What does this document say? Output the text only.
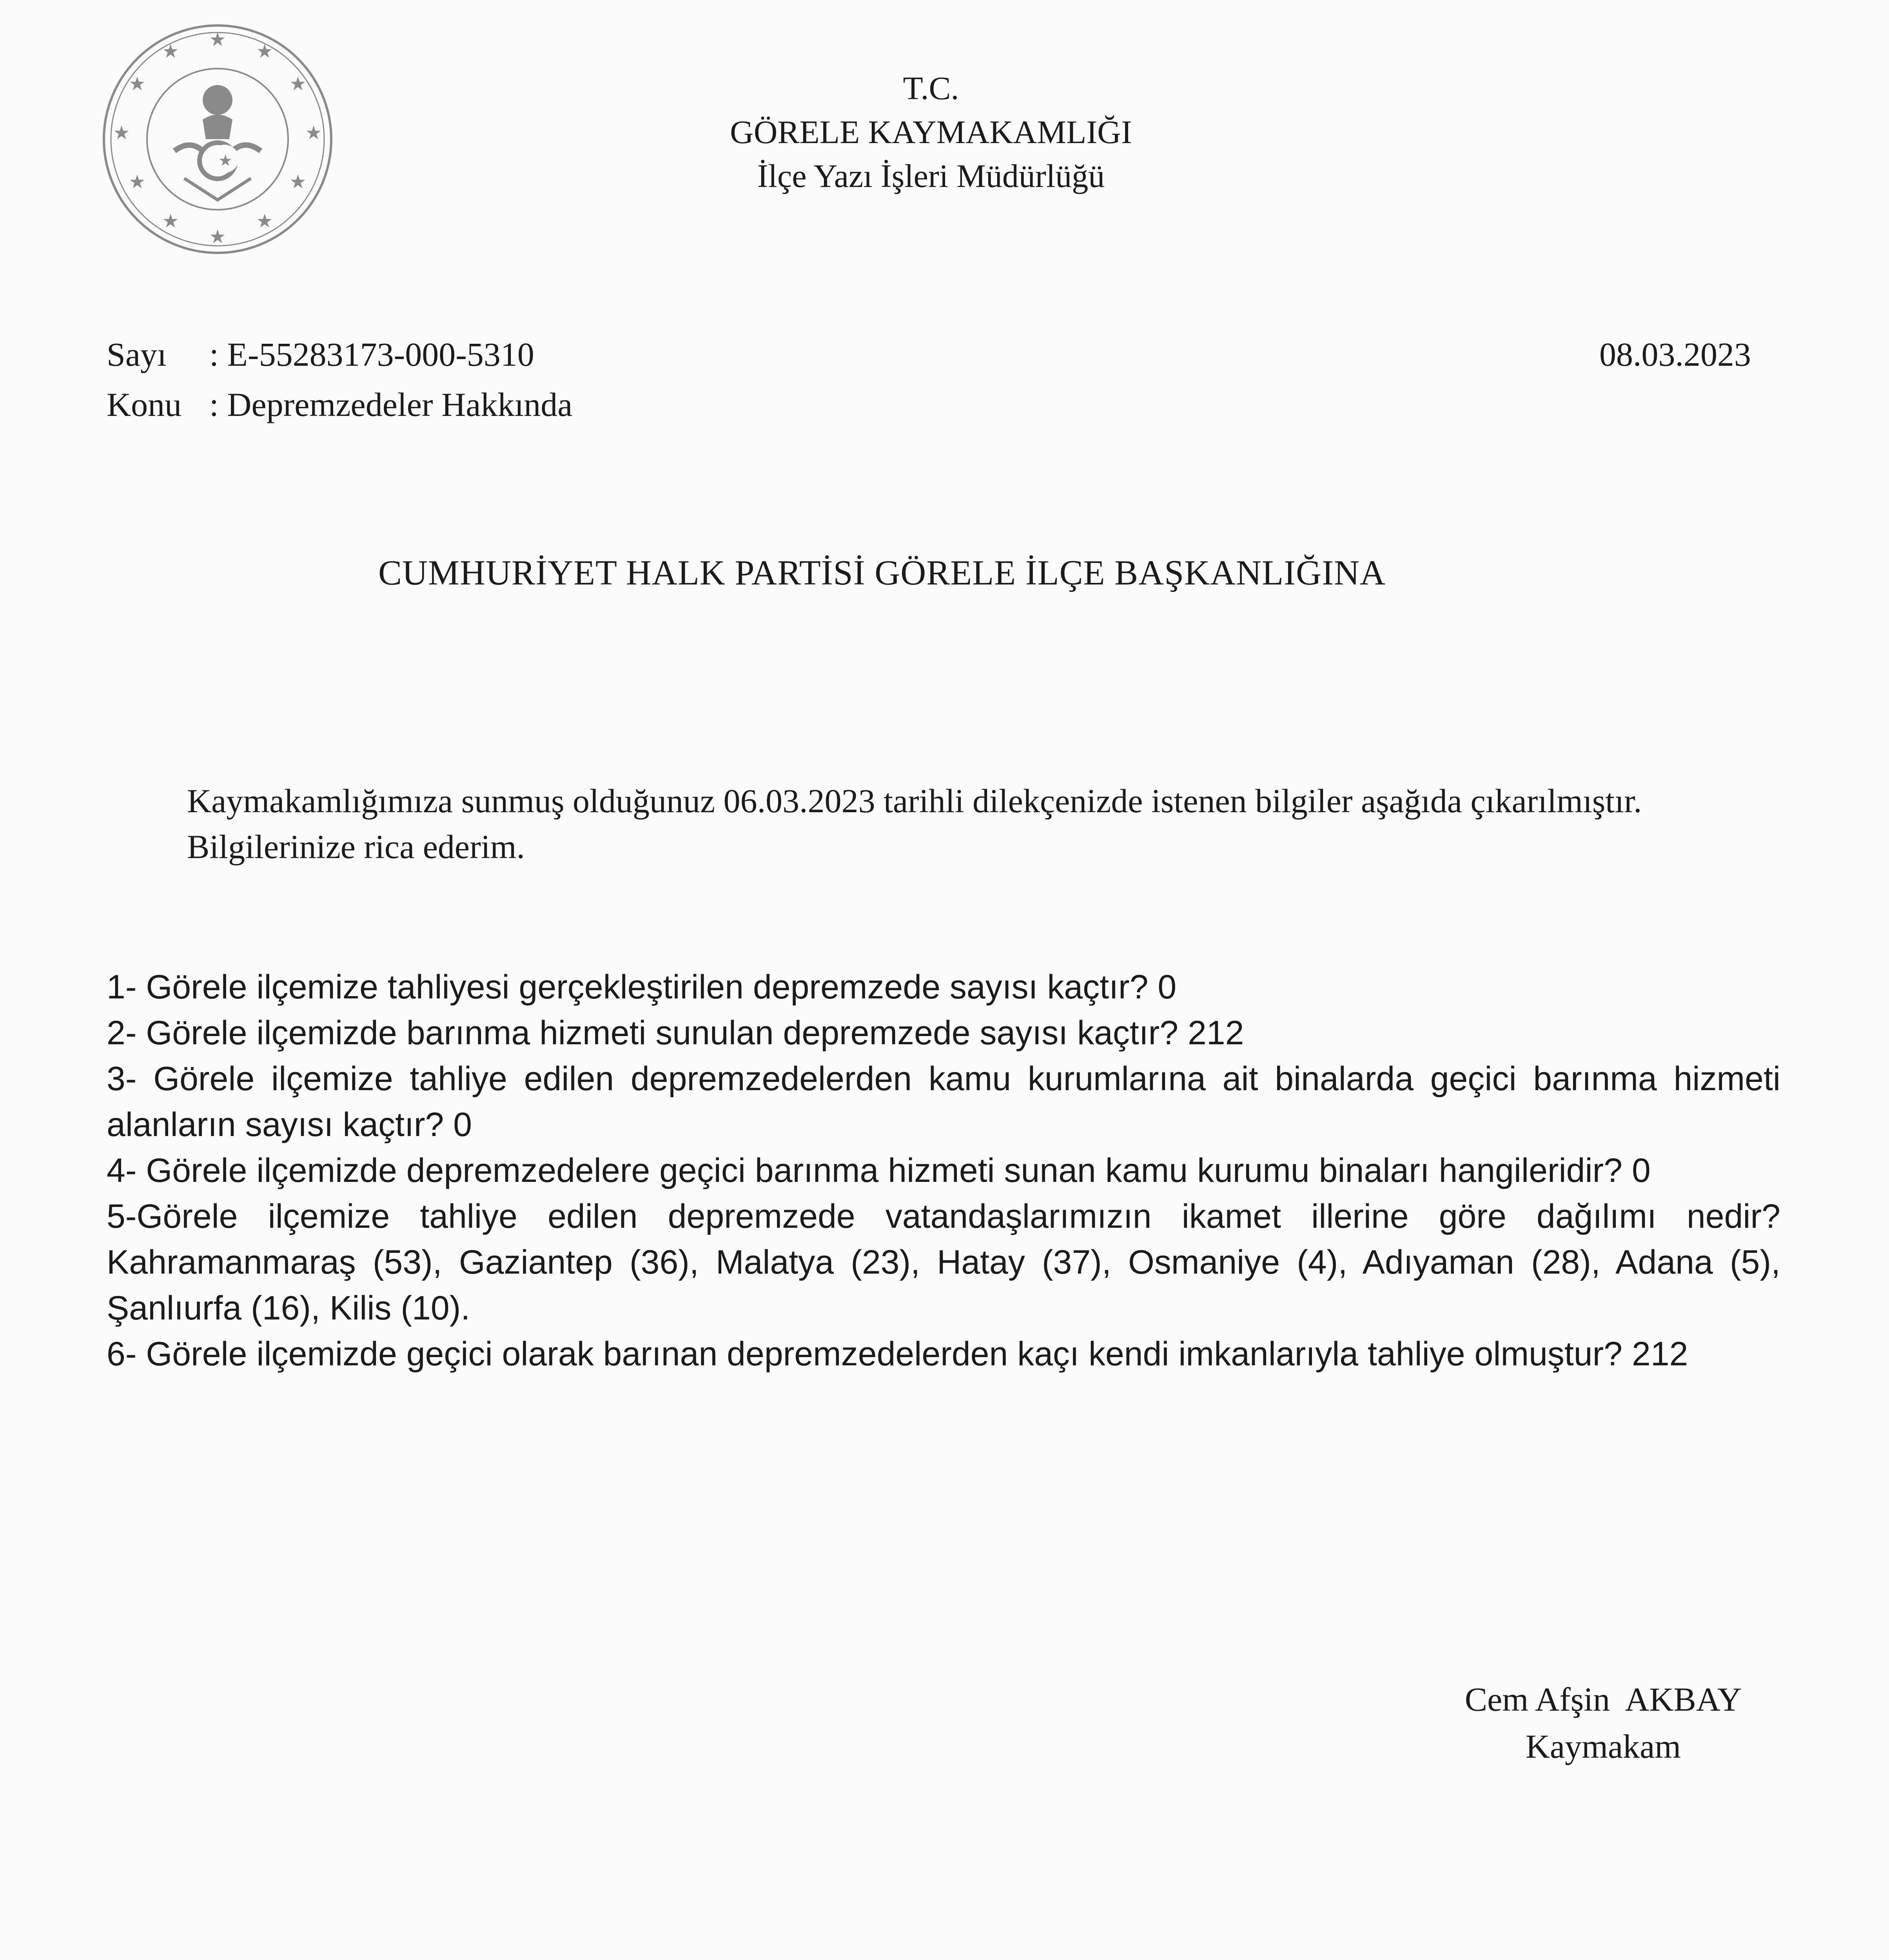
★
★
★
★
★
★
★
★
★
★
★
★
★
T.C.
GÖRELE KAYMAKAMLIĞI
İlçe Yazı İşleri Müdürlüğü
Sayı : E-55283173-000-5310
Konu : Depremzedeler Hakkında
08.03.2023
CUMHURİYET HALK PARTİSİ GÖRELE İLÇE BAŞKANLIĞINA

Kaymakamlığımıza sunmuş olduğunuz 06.03.2023 tarihli dilekçenizde istenen bilgiler aşağıda çıkarılmıştır.

Bilgilerinize rica ederim.

1- Görele ilçemize tahliyesi gerçekleştirilen depremzede sayısı kaçtır? 0

2- Görele ilçemizde barınma hizmeti sunulan depremzede sayısı kaçtır? 212

3- Görele ilçemize tahliye edilen depremzedelerden kamu kurumlarına ait binalarda geçici barınma hizmeti alanların sayısı kaçtır? 0

4- Görele ilçemizde depremzedelere geçici barınma hizmeti sunan kamu kurumu binaları hangileridir? 0

5-Görele ilçemize tahliye edilen depremzede vatandaşlarımızın ikamet illerine göre dağılımı nedir? Kahramanmaraş (53), Gaziantep (36), Malatya (23), Hatay (37), Osmaniye (4), Adıyaman (28), Adana (5), Şanlıurfa (16), Kilis (10).

6- Görele ilçemizde geçici olarak barınan depremzedelerden kaçı kendi imkanlarıyla tahliye olmuştur? 212

Cem Afşin  AKBAY
Kaymakam
